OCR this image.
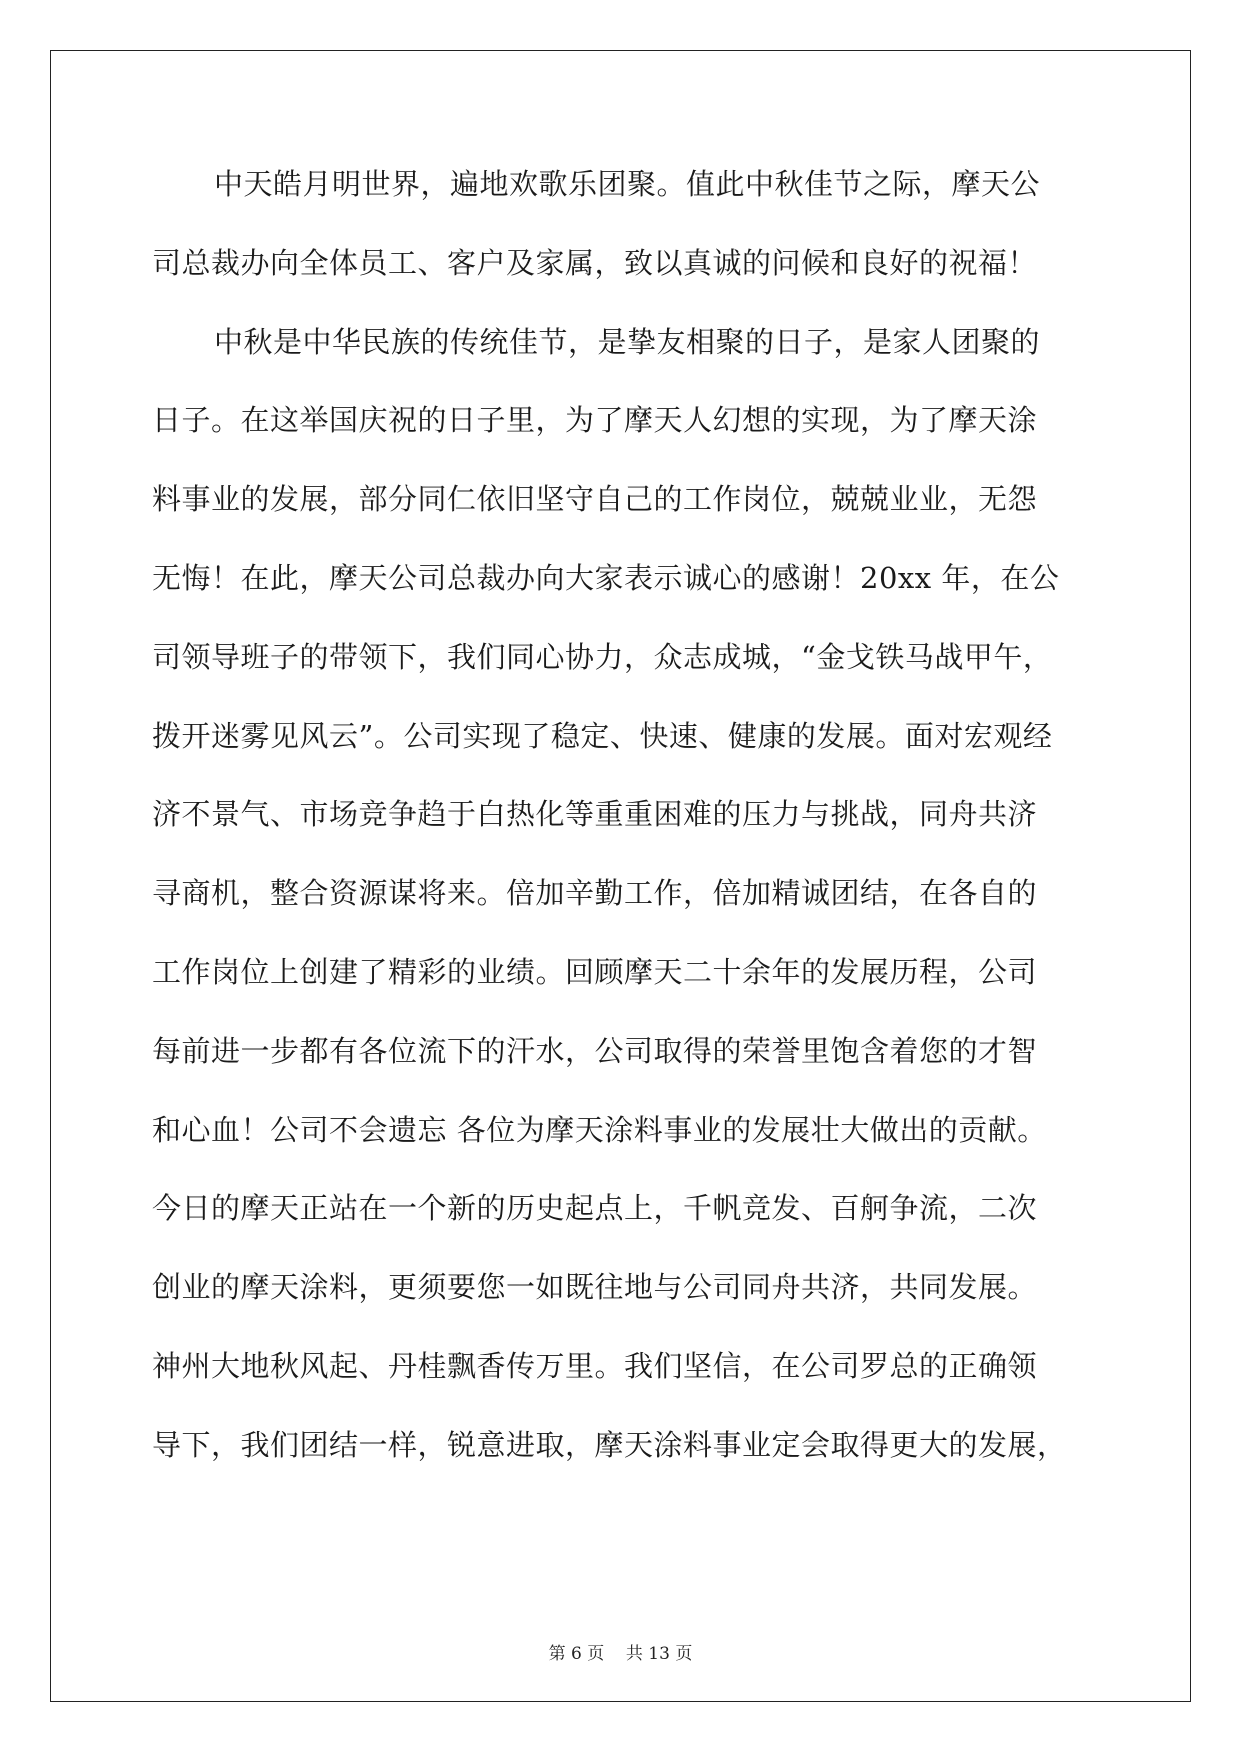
中天皓月明世界，遍地欢歌乐团聚。值此中秋佳节之际，摩天公
司总裁办向全体员工、客户及家属，致以真诚的问候和良好的祝福！
中秋是中华民族的传统佳节，是挚友相聚的日子，是家人团聚的
日子。在这举国庆祝的日子里，为了摩天人幻想的实现，为了摩天涂
料事业的发展，部分同仁依旧坚守自己的工作岗位，兢兢业业，无怨
无悔！在此，摩天公司总裁办向大家表示诚心的感谢！20xx 年，在公
司领导班子的带领下，我们同心协力，众志成城，“金戈铁马战甲午，
拨开迷雾见风云”。公司实现了稳定、快速、健康的发展。面对宏观经
济不景气、市场竞争趋于白热化等重重困难的压力与挑战，同舟共济
寻商机，整合资源谋将来。倍加辛勤工作，倍加精诚团结，在各自的
工作岗位上创建了精彩的业绩。回顾摩天二十余年的发展历程，公司
每前进一步都有各位流下的汗水，公司取得的荣誉里饱含着您的才智
和心血！公司不会遗忘 各位为摩天涂料事业的发展壮大做出的贡献。
今日的摩天正站在一个新的历史起点上，千帆竞发、百舸争流，二次
创业的摩天涂料，更须要您一如既往地与公司同舟共济，共同发展。
神州大地秋风起、丹桂飘香传万里。我们坚信，在公司罗总的正确领
导下，我们团结一样，锐意进取，摩天涂料事业定会取得更大的发展，
第 6 页 共 13 页
